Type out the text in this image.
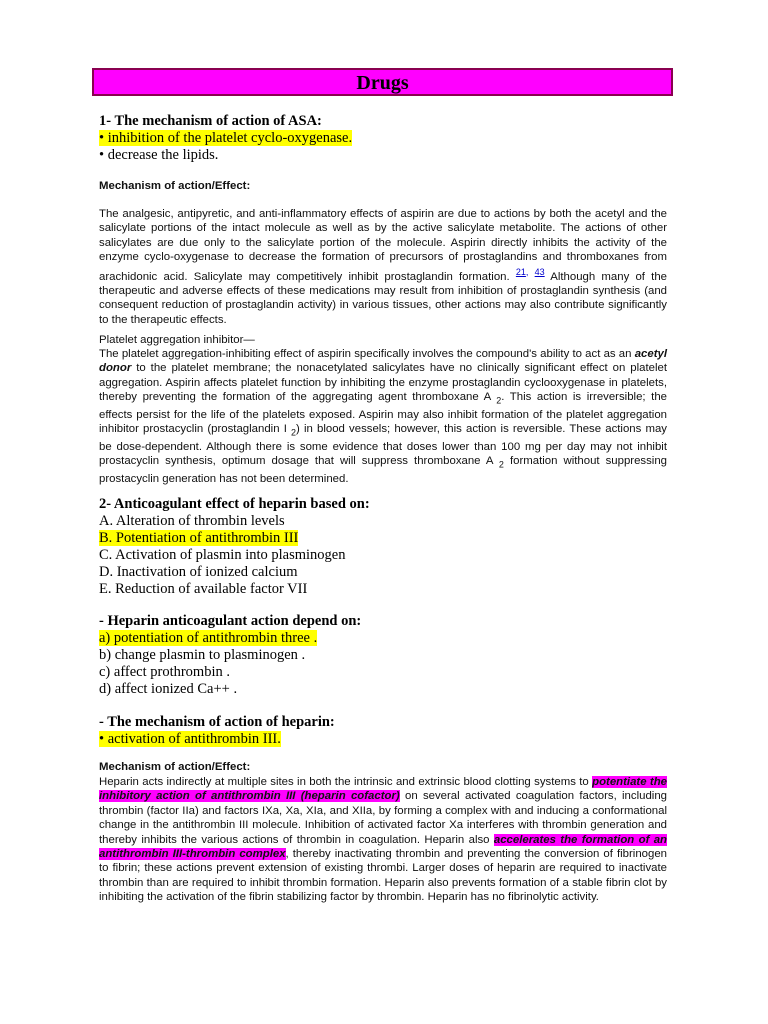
Drugs
1- The mechanism of action of ASA:
• inhibition of the platelet cyclo-oxygenase.
• decrease the lipids.
Mechanism of action/Effect:

The analgesic, antipyretic, and anti-inflammatory effects of aspirin are due to actions by both the acetyl and the salicylate portions of the intact molecule as well as by the active salicylate metabolite. The actions of other salicylates are due only to the salicylate portion of the molecule. Aspirin directly inhibits the activity of the enzyme cyclo-oxygenase to decrease the formation of precursors of prostaglandins and thromboxanes from arachidonic acid. Salicylate may competitively inhibit prostaglandin formation. $^{21,}$ $^{43}$ Although many of the therapeutic and adverse effects of these medications may result from inhibition of prostaglandin synthesis (and consequent reduction of prostaglandin activity) in various tissues, other actions may also contribute significantly to the therapeutic effects.

Platelet aggregation inhibitor—

The platelet aggregation-inhibiting effect of aspirin specifically involves the compound's ability to act as an acetyl donor to the platelet membrane; the nonacetylated salicylates have no clinically significant effect on platelet aggregation. Aspirin affects platelet function by inhibiting the enzyme prostaglandin cyclooxygenase in platelets, thereby preventing the formation of the aggregating agent thromboxane A $_2$. This action is irreversible; the effects persist for the life of the platelets exposed. Aspirin may also inhibit formation of the platelet aggregation inhibitor prostacyclin (prostaglandin I $_2$) in blood vessels; however, this action is reversible. These actions may be dose-dependent. Although there is some evidence that doses lower than 100 mg per day may not inhibit prostacyclin synthesis, optimum dosage that will suppress thromboxane A $_2$ formation without suppressing prostacyclin generation has not been determined.

2- Anticoagulant effect of heparin based on:
A. Alteration of thrombin levels
B. Potentiation of antithrombin III
C. Activation of plasmin into plasminogen
D. Inactivation of ionized calcium
E. Reduction of available factor VII
- Heparin anticoagulant action depend on:
a) potentiation of antithrombin three .
b) change plasmin to plasminogen .
c) affect prothrombin .
d) affect ionized Ca++ .
- The mechanism of action of heparin:
• activation of antithrombin III.
Mechanism of action/Effect:

Heparin acts indirectly at multiple sites in both the intrinsic and extrinsic blood clotting systems to potentiate the inhibitory action of antithrombin III (heparin cofactor) on several activated coagulation factors, including thrombin (factor IIa) and factors IXa, Xa, XIa, and XIIa, by forming a complex with and inducing a conformational change in the antithrombin III molecule. Inhibition of activated factor Xa interferes with thrombin generation and thereby inhibits the various actions of thrombin in coagulation. Heparin also accelerates the formation of an antithrombin III-thrombin complex, thereby inactivating thrombin and preventing the conversion of fibrinogen to fibrin; these actions prevent extension of existing thrombi. Larger doses of heparin are required to inactivate thrombin than are required to inhibit thrombin formation. Heparin also prevents formation of a stable fibrin clot by inhibiting the activation of the fibrin stabilizing factor by thrombin. Heparin has no fibrinolytic activity.
